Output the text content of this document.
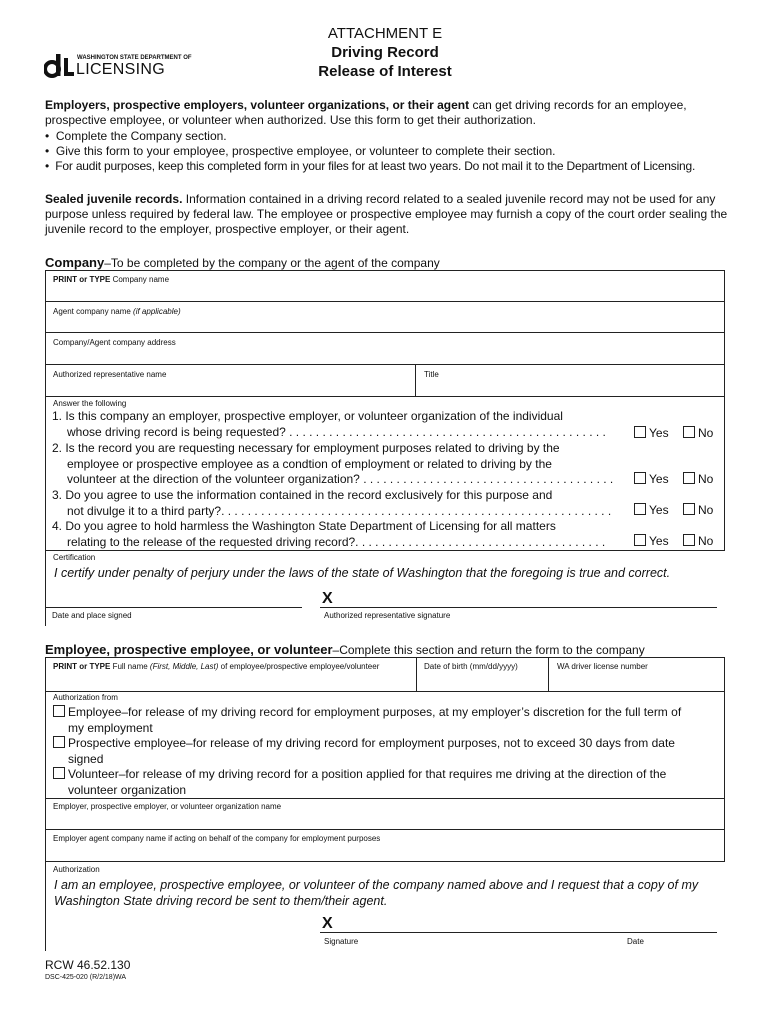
ATTACHMENT E
Driving Record
Release of Interest
WASHINGTON STATE DEPARTMENT OF
LICENSING
Employers, prospective employers, volunteer organizations, or their agent can get driving records for an employee, prospective employee, or volunteer when authorized. Use this form to get their authorization.
•  Complete the Company section.
•  Give this form to your employee, prospective employee, or volunteer to complete their section.
•  For audit purposes, keep this completed form in your files for at least two years. Do not mail it to the Department of Licensing.
Sealed juvenile records. Information contained in a driving record related to a sealed juvenile record may not be used for any purpose unless required by federal law. The employee or prospective employee may furnish a copy of the court order sealing the juvenile record to the employer, prospective employer, or their agent.
Company–To be completed by the company or the agent of the company
PRINT or TYPE Company name
Agent company name (if applicable)
Company/Agent company address
Authorized representative name	Title
Answer the following
1. Is this company an employer, prospective employer, or volunteer organization of the individual
whose driving record is being requested? . . . . . . . . . . . . . . . . . . . . . . . . . . . . . . . . . . . . . . . . . . . . . . . .	Yes	No
2. Is the record you are requesting necessary for employment purposes related to driving by the
employee or prospective employee as a condtion of employment or related to driving by the
volunteer at the direction of the volunteer organization? . . . . . . . . . . . . . . . . . . . . . . . . . . . . . . . . . . . . . .	Yes	No
3. Do you agree to use the information contained in the record exclusively for this purpose and
not divulge it to a third party?. . . . . . . . . . . . . . . . . . . . . . . . . . . . . . . . . . . . . . . . . . . . . . . . . . . . . . . . . . .	Yes	No
4. Do you agree to hold harmless the Washington State Department of Licensing for all matters
relating to the release of the requested driving record?. . . . . . . . . . . . . . . . . . . . . . . . . . . . . . . . . . . . . .	Yes	No
Certification
I certify under penalty of perjury under the laws of the state of Washington that the foregoing is true and correct.
Date and place signed
X
Authorized representative signature
Employee, prospective employee, or volunteer–Complete this section and return the form to the company
PRINT or TYPE Full name (First, Middle, Last) of employee/prospective employee/volunteer	Date of birth (mm/dd/yyyy)	WA driver license number
Authorization from
Employee–for release of my driving record for employment purposes, at my employer’s discretion for the full term of
my employment
Prospective employee–for release of my driving record for employment purposes, not to exceed 30 days from date
signed
Volunteer–for release of my driving record for a position applied for that requires me driving at the direction of the
volunteer organization
Employer, prospective employer, or volunteer organization name
Employer agent company name if acting on behalf of the company for employment purposes
Authorization
I am an employee, prospective employee, or volunteer of the company named above and I request that a copy of my Washington State driving record be sent to them/their agent.
X
Signature	Date
RCW 46.52.130
DSC-425-020 (R/2/18)WA
